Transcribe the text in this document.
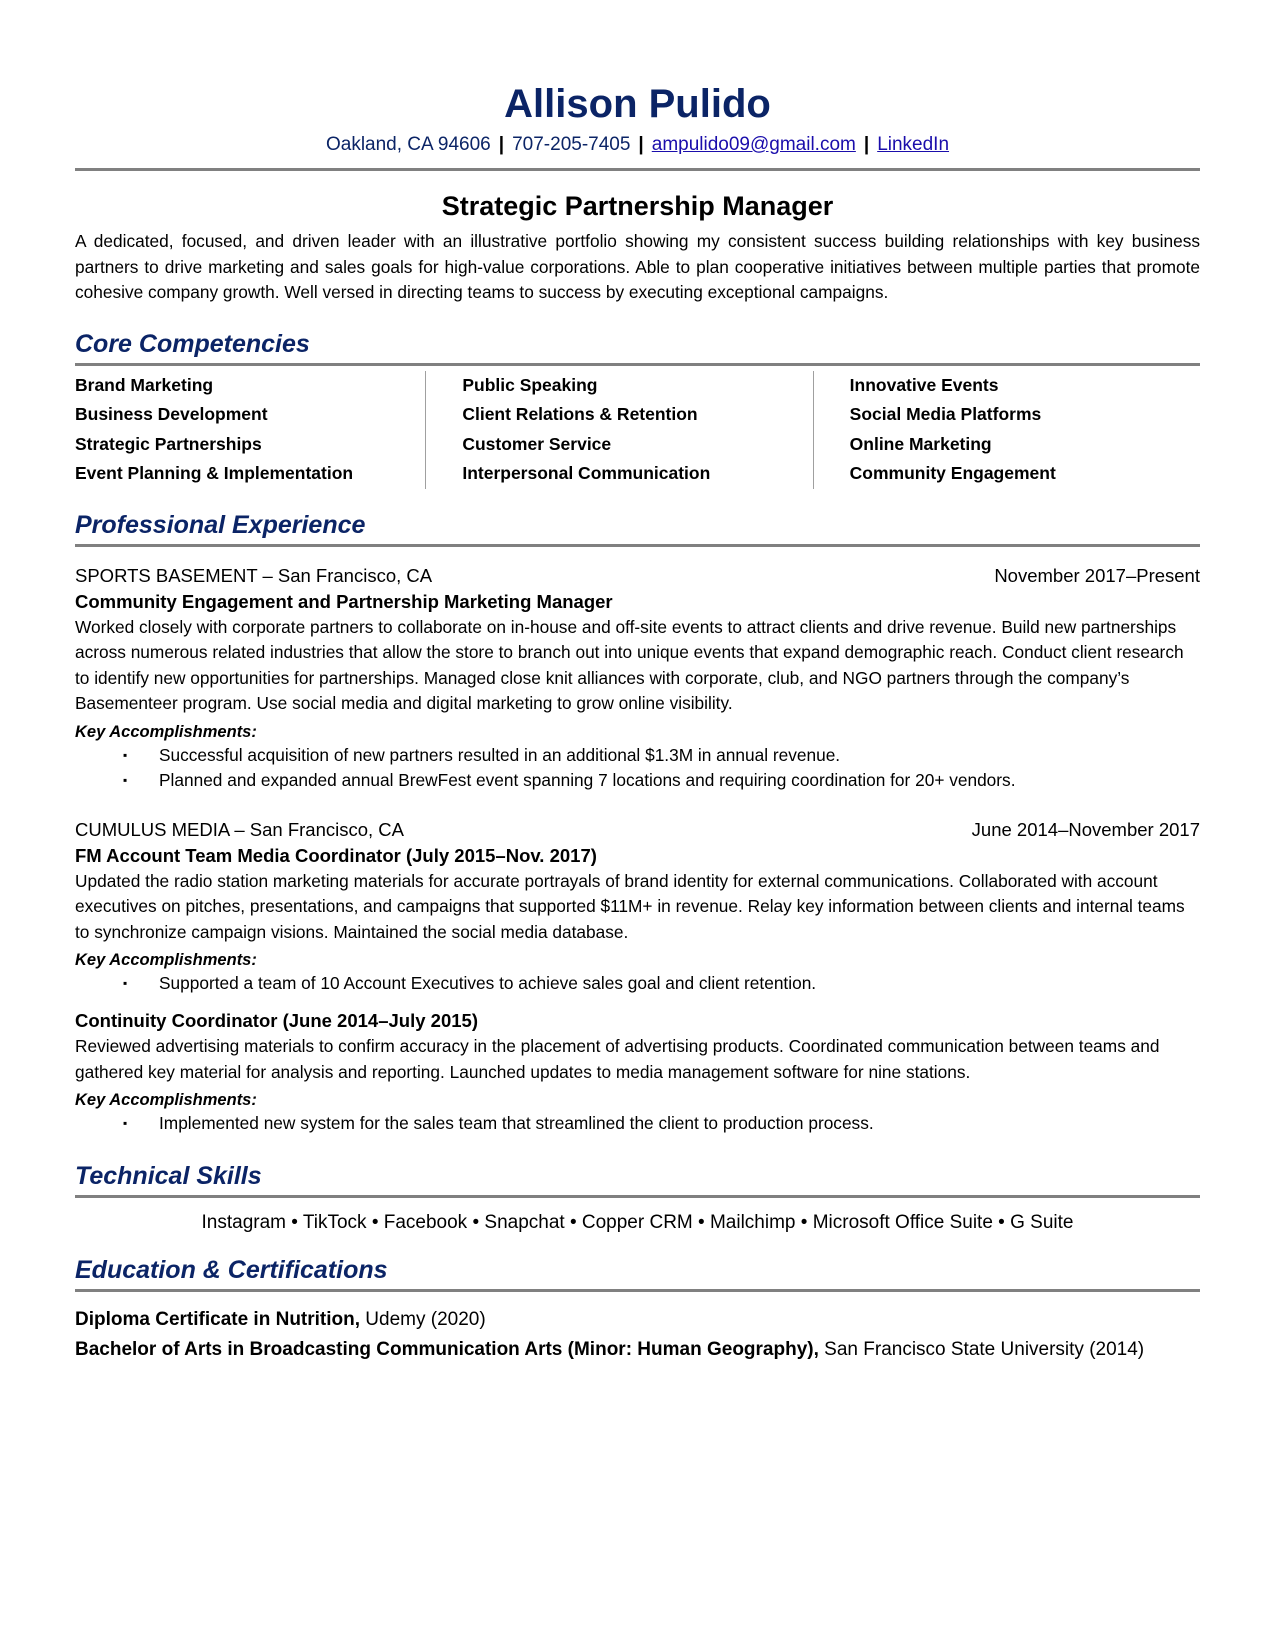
Allison Pulido
Oakland, CA 94606 | 707-205-7405 | ampulido09@gmail.com | LinkedIn
Strategic Partnership Manager
A dedicated, focused, and driven leader with an illustrative portfolio showing my consistent success building relationships with key business partners to drive marketing and sales goals for high-value corporations. Able to plan cooperative initiatives between multiple parties that promote cohesive company growth. Well versed in directing teams to success by executing exceptional campaigns.
Core Competencies
Brand Marketing
Business Development
Strategic Partnerships
Event Planning & Implementation
Public Speaking
Client Relations & Retention
Customer Service
Interpersonal Communication
Innovative Events
Social Media Platforms
Online Marketing
Community Engagement
Professional Experience
SPORTS BASEMENT – San Francisco, CA	November 2017–Present
Community Engagement and Partnership Marketing Manager
Worked closely with corporate partners to collaborate on in-house and off-site events to attract clients and drive revenue. Build new partnerships across numerous related industries that allow the store to branch out into unique events that expand demographic reach. Conduct client research to identify new opportunities for partnerships. Managed close knit alliances with corporate, club, and NGO partners through the company’s Basementeer program. Use social media and digital marketing to grow online visibility.
Key Accomplishments:
▪ Successful acquisition of new partners resulted in an additional $1.3M in annual revenue.
▪ Planned and expanded annual BrewFest event spanning 7 locations and requiring coordination for 20+ vendors.
CUMULUS MEDIA – San Francisco, CA	June 2014–November 2017
FM Account Team Media Coordinator (July 2015–Nov. 2017)
Updated the radio station marketing materials for accurate portrayals of brand identity for external communications. Collaborated with account executives on pitches, presentations, and campaigns that supported $11M+ in revenue. Relay key information between clients and internal teams to synchronize campaign visions. Maintained the social media database.
Key Accomplishments:
▪ Supported a team of 10 Account Executives to achieve sales goal and client retention.
Continuity Coordinator (June 2014–July 2015)
Reviewed advertising materials to confirm accuracy in the placement of advertising products. Coordinated communication between teams and gathered key material for analysis and reporting. Launched updates to media management software for nine stations.
Key Accomplishments:
▪ Implemented new system for the sales team that streamlined the client to production process.
Technical Skills
Instagram • TikTock • Facebook • Snapchat • Copper CRM • Mailchimp • Microsoft Office Suite • G Suite
Education & Certifications
Diploma Certificate in Nutrition, Udemy (2020)
Bachelor of Arts in Broadcasting Communication Arts (Minor: Human Geography), San Francisco State University (2014)
